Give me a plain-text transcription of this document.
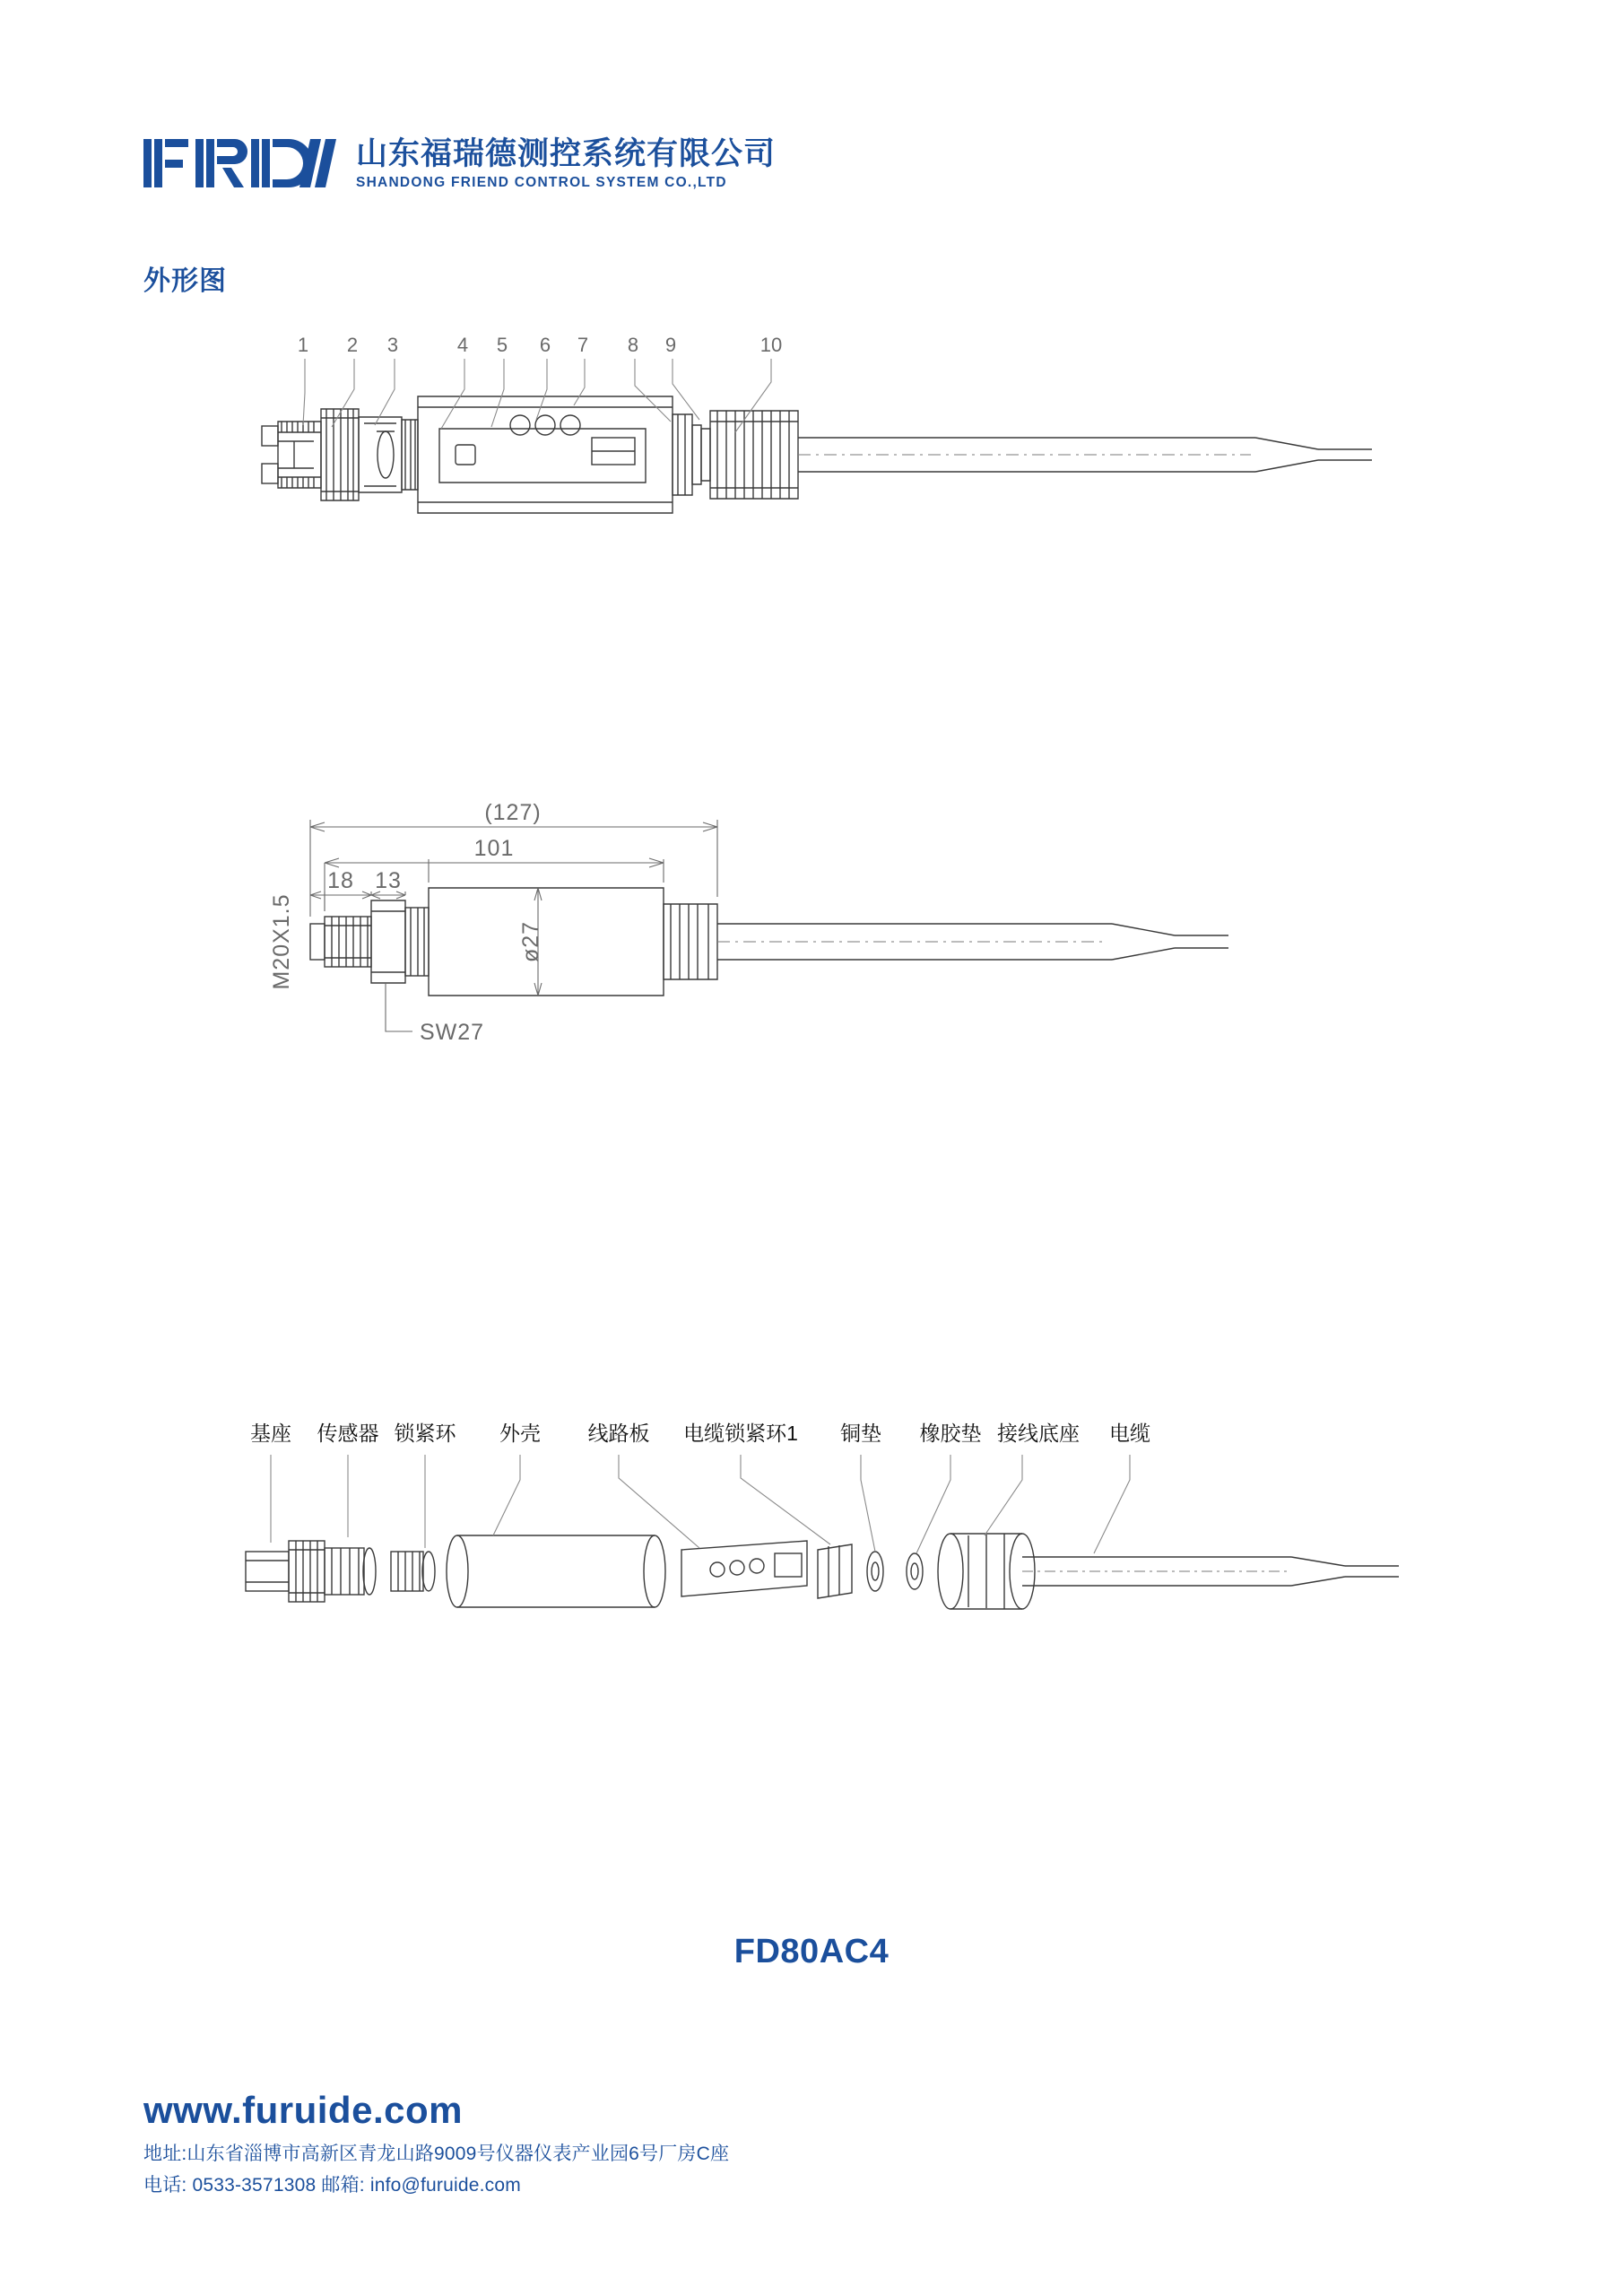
山东福瑞德测控系统有限公司
SHANDONG FRIEND CONTROL SYSTEM CO.,LTD
外形图
1 2 3	4 5 6 7 8 9	10
(127)
101
18 13
ø27
M20X1.5
SW27
基座 传感器 锁紧环 外壳 线路板 电缆锁紧环1 铜垫 橡胶垫 接线底座 电缆
FD80AC4
www.furuide.com
地址:山东省淄博市高新区青龙山路9009号仪器仪表产业园6号厂房C座
电话: 0533-3571308 邮箱: info@furuide.com
